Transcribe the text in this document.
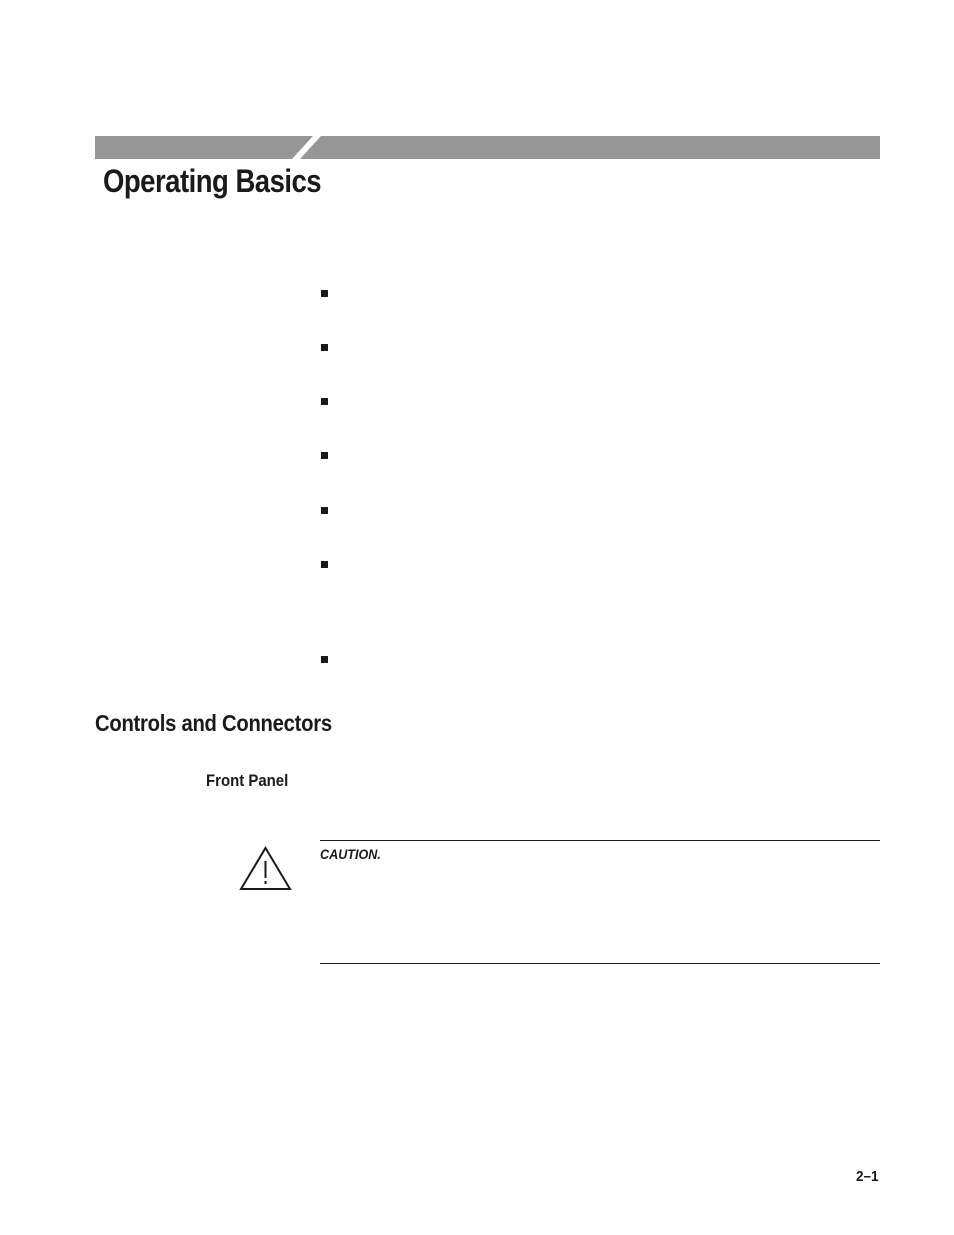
Operating Basics
Controls and Connectors
Front Panel
CAUTION.
2–1
